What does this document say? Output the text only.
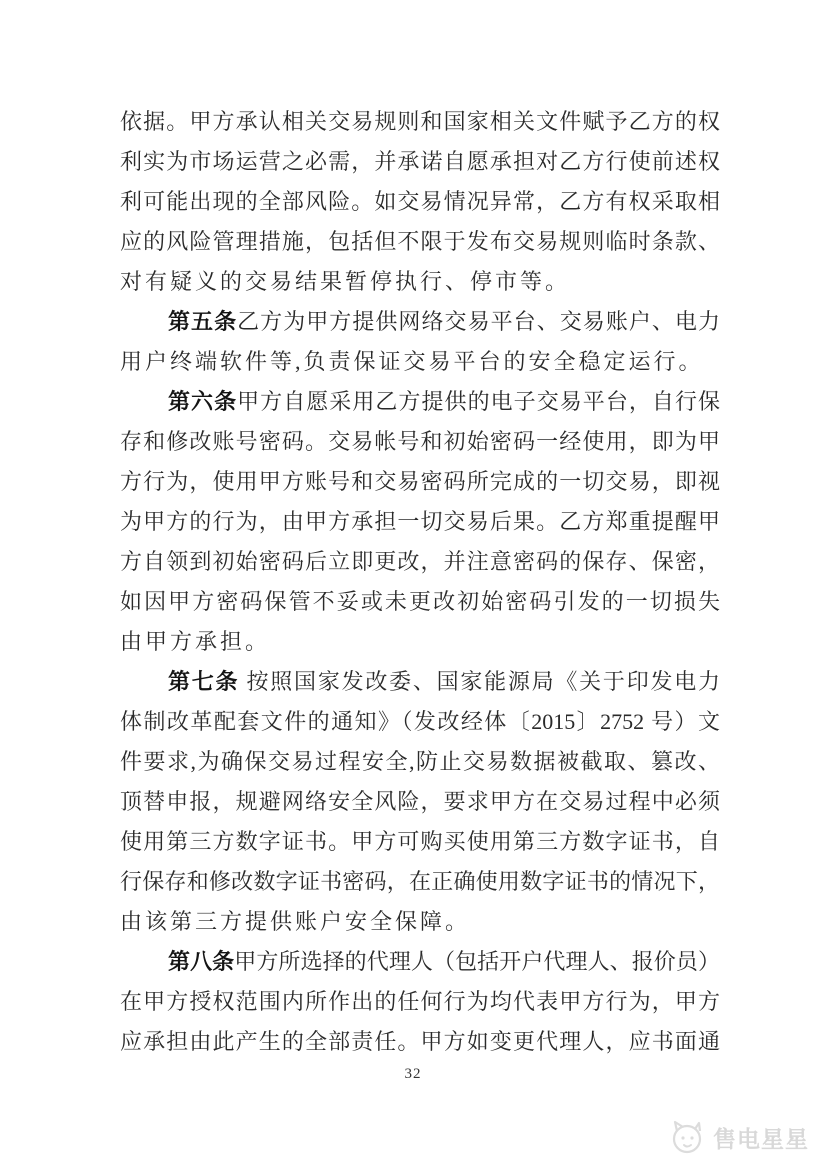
依据。甲方承认相关交易规则和国家相关文件赋予乙方的权
利实为市场运营之必需，并承诺自愿承担对乙方行使前述权
利可能出现的全部风险。如交易情况异常，乙方有权采取相
应的风险管理措施，包括但不限于发布交易规则临时条款、
对有疑义的交易结果暂停执行、停市等。
第五条乙方为甲方提供网络交易平台、交易账户、电力
用户终端软件等,负责保证交易平台的安全稳定运行。
第六条甲方自愿采用乙方提供的电子交易平台，自行保
存和修改账号密码。交易帐号和初始密码一经使用，即为甲
方行为，使用甲方账号和交易密码所完成的一切交易，即视
为甲方的行为，由甲方承担一切交易后果。乙方郑重提醒甲
方自领到初始密码后立即更改，并注意密码的保存、保密，
如因甲方密码保管不妥或未更改初始密码引发的一切损失
由甲方承担。
第七条 按照国家发改委、国家能源局《关于印发电力
体制改革配套文件的通知》（发改经体〔2015〕2752 号）文
件要求,为确保交易过程安全,防止交易数据被截取、篡改、
顶替申报，规避网络安全风险，要求甲方在交易过程中必须
使用第三方数字证书。甲方可购买使用第三方数字证书，自
行保存和修改数字证书密码，在正确使用数字证书的情况下，
由该第三方提供账户安全保障。
第八条甲方所选择的代理人（包括开户代理人、报价员）
在甲方授权范围内所作出的任何行为均代表甲方行为，甲方
应承担由此产生的全部责任。甲方如变更代理人，应书面通
32
售电星星
